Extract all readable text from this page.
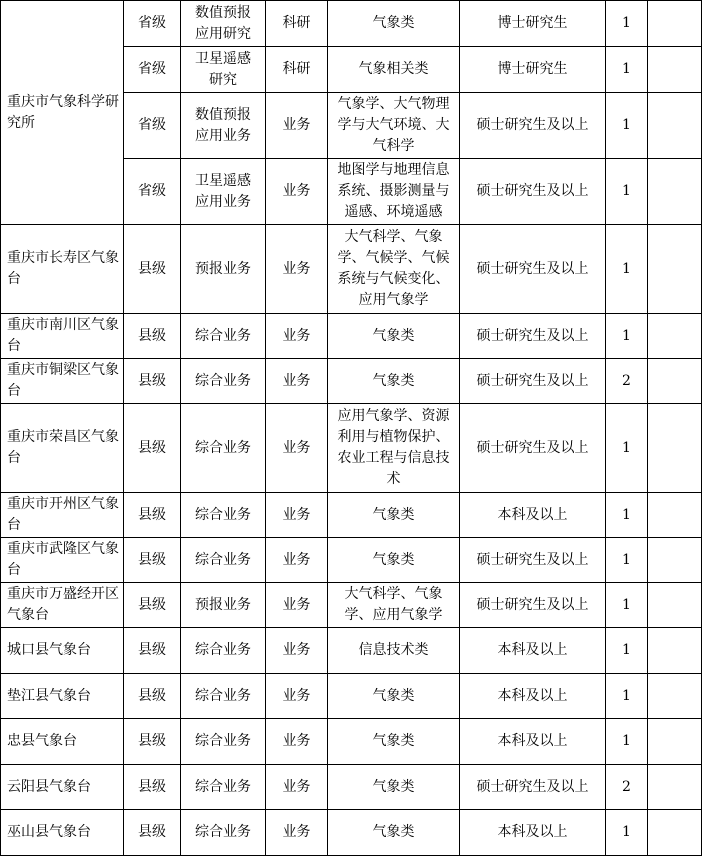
重庆市气象科学研究所	省级	数值预报应用研究	科研	气象类	博士研究生	1	
	省级	卫星遥感研究	科研	气象相关类	博士研究生	1	
	省级	数值预报应用业务	业务	气象学、大气物理学与大气环境、大气科学	硕士研究生及以上	1	
	省级	卫星遥感应用业务	业务	地图学与地理信息系统、摄影测量与遥感、环境遥感	硕士研究生及以上	1	
重庆市长寿区气象台	县级	预报业务	业务	大气科学、气象学、气候学、气候系统与气候变化、应用气象学	硕士研究生及以上	1	
重庆市南川区气象台	县级	综合业务	业务	气象类	硕士研究生及以上	1	
重庆市铜梁区气象台	县级	综合业务	业务	气象类	硕士研究生及以上	2	
重庆市荣昌区气象台	县级	综合业务	业务	应用气象学、资源利用与植物保护、农业工程与信息技术	硕士研究生及以上	1	
重庆市开州区气象台	县级	综合业务	业务	气象类	本科及以上	1	
重庆市武隆区气象台	县级	综合业务	业务	气象类	硕士研究生及以上	1	
重庆市万盛经开区气象台	县级	预报业务	业务	大气科学、气象学、应用气象学	硕士研究生及以上	1	
城口县气象台	县级	综合业务	业务	信息技术类	本科及以上	1	
垫江县气象台	县级	综合业务	业务	气象类	本科及以上	1	
忠县气象台	县级	综合业务	业务	气象类	本科及以上	1	
云阳县气象台	县级	综合业务	业务	气象类	硕士研究生及以上	2	
巫山县气象台	县级	综合业务	业务	气象类	本科及以上	1	
